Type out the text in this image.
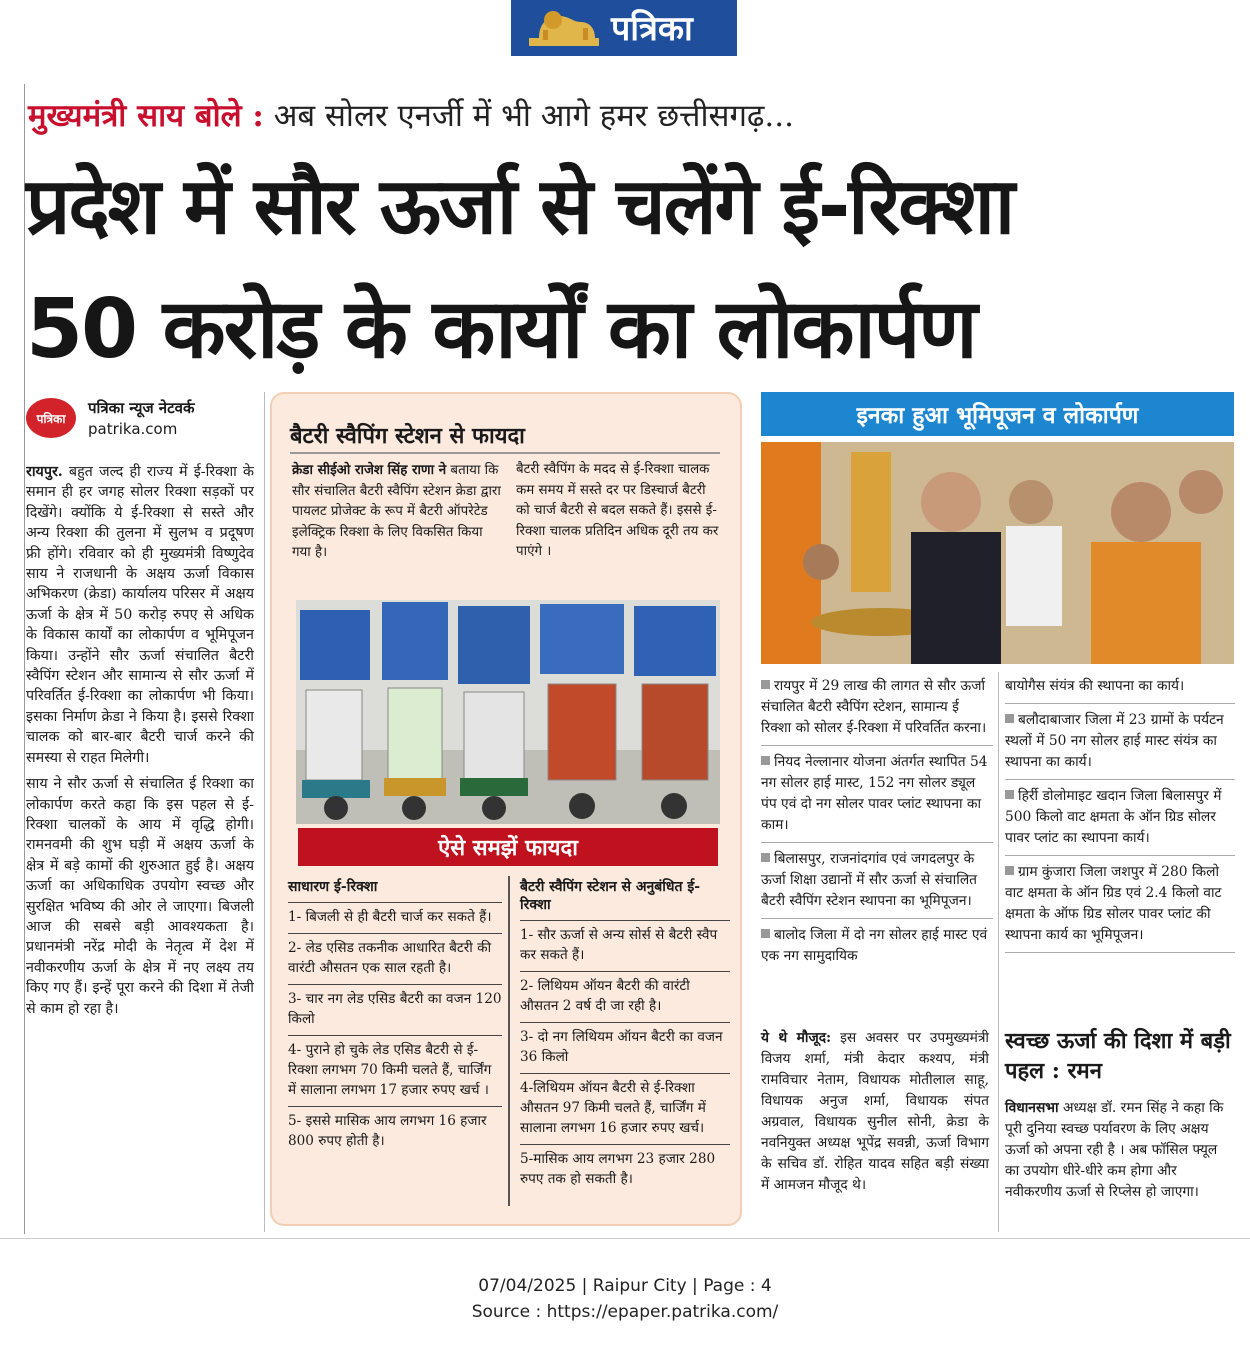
पत्रिका
मुख्यमंत्री साय बोले : अब सोलर एनर्जी में भी आगे हमर छत्तीसगढ़...
प्रदेश में सौर ऊर्जा से चलेंगे ई-रिक्शा
50 करोड़ के कार्यों का लोकार्पण
पत्रिका
पत्रिका न्यूज नेटवर्क
patrika.com

रायपुर. बहुत जल्द ही राज्य में ई-रिक्शा के समान ही हर जगह सोलर रिक्शा सड़कों पर दिखेंगे। क्योंकि ये ई-रिक्शा से सस्ते और अन्य रिक्शा की तुलना में सुलभ व प्रदूषण फ्री होंगे। रविवार को ही मुख्यमंत्री विष्णुदेव साय ने राजधानी के अक्षय ऊर्जा विकास अभिकरण (क्रेडा) कार्यालय परिसर में अक्षय ऊर्जा के क्षेत्र में 50 करोड़ रुपए से अधिक के विकास कार्यों का लोकार्पण व भूमिपूजन किया। उन्होंने सौर ऊर्जा संचालित बैटरी स्वैपिंग स्टेशन और सामान्य से सौर ऊर्जा में परिवर्तित ई-रिक्शा का लोकार्पण भी किया। इसका निर्माण क्रेडा ने किया है। इससे रिक्शा चालक को बार-बार बैटरी चार्ज करने की समस्या से राहत मिलेगी।

साय ने सौर ऊर्जा से संचालित ई रिक्शा का लोकार्पण करते कहा कि इस पहल से ई-रिक्शा चालकों के आय में वृद्धि होगी। रामनवमी की शुभ घड़ी में अक्षय ऊर्जा के क्षेत्र में बड़े कामों की शुरुआत हुई है। अक्षय ऊर्जा का अधिकाधिक उपयोग स्वच्छ और सुरक्षित भविष्य की ओर ले जाएगा। बिजली आज की सबसे बड़ी आवश्यकता है। प्रधानमंत्री नरेंद्र मोदी के नेतृत्व में देश में नवीकरणीय ऊर्जा के क्षेत्र में नए लक्ष्य तय किए गए हैं। इन्हें पूरा करने की दिशा में तेजी से काम हो रहा है।

बैटरी स्वैपिंग स्टेशन से फायदा
क्रेडा सीईओ राजेश सिंह राणा ने बताया कि सौर संचालित बैटरी स्वैपिंग स्टेशन क्रेडा द्वारा पायलट प्रोजेक्ट के रूप में बैटरी ऑपरेटेड इलेक्ट्रिक रिक्शा के लिए विकसित किया गया है।
बैटरी स्वैपिंग के मदद से ई-रिक्शा चालक कम समय में सस्ते दर पर डिस्चार्ज बैटरी को चार्ज बैटरी से बदल सकते हैं। इससे ई-रिक्शा चालक प्रतिदिन अधिक दूरी तय कर पाएंगे ।
ऐसे समझें फायदा
साधारण ई-रिक्शा
1- बिजली से ही बैटरी चार्ज कर सकते हैं।
2- लेड एसिड तकनीक आधारित बैटरी की वारंटी औसतन एक साल रहती है।
3- चार नग लेड एसिड बैटरी का वजन 120 किलो
4- पुराने हो चुके लेड एसिड बैटरी से ई-रिक्शा लगभग 70 किमी चलते हैं, चार्जिंग में सालाना लगभग 17 हजार रुपए खर्च ।
5- इससे मासिक आय लगभग 16 हजार 800 रुपए होती है।
बैटरी स्वैपिंग स्टेशन से अनुबंधित ई-रिक्शा
1- सौर ऊर्जा से अन्य सोर्स से बैटरी स्वैप कर सकते हैं।
2- लिथियम ऑयन बैटरी की वारंटी औसतन 2 वर्ष दी जा रही है।
3- दो नग लिथियम ऑयन बैटरी का वजन 36 किलो
4-लिथियम ऑयन बैटरी से ई-रिक्शा औसतन 97 किमी चलते हैं, चार्जिंग में सालाना लगभग 16 हजार रुपए खर्च।
5-मासिक आय लगभग 23 हजार 280 रुपए तक हो सकती है।
इनका हुआ भूमिपूजन व लोकार्पण
रायपुर में 29 लाख की लागत से सौर ऊर्जा संचालित बैटरी स्वैपिंग स्टेशन, सामान्य ई रिक्शा को सोलर ई-रिक्शा में परिवर्तित करना।
नियद नेल्लानार योजना अंतर्गत स्थापित 54 नग सोलर हाई मास्ट, 152 नग सोलर ड्यूल पंप एवं दो नग सोलर पावर प्लांट स्थापना का काम।
बिलासपुर, राजनांदगांव एवं जगदलपुर के ऊर्जा शिक्षा उद्यानों में सौर ऊर्जा से संचालित बैटरी स्वैपिंग स्टेशन स्थापना का भूमिपूजन।
बालोद जिला में दो नग सोलर हाई मास्ट एवं एक नग सामुदायिक
बायोगैस संयंत्र की स्थापना का कार्य।
बलौदाबाजार जिला में 23 ग्रामों के पर्यटन स्थलों में 50 नग सोलर हाई मास्ट संयंत्र का स्थापना का कार्य।
हिर्री डोलोमाइट खदान जिला बिलासपुर में 500 किलो वाट क्षमता के ऑन ग्रिड सोलर पावर प्लांट का स्थापना कार्य।
ग्राम कुंजारा जिला जशपुर में 280 किलो वाट क्षमता के ऑन ग्रिड एवं 2.4 किलो वाट क्षमता के ऑफ ग्रिड सोलर पावर प्लांट की स्थापना कार्य का भूमिपूजन।
ये थे मौजूद: इस अवसर पर उपमुख्यमंत्री विजय शर्मा, मंत्री केदार कश्यप, मंत्री रामविचार नेताम, विधायक मोतीलाल साहू, विधायक अनुज शर्मा, विधायक संपत अग्रवाल, विधायक सुनील सोनी, क्रेडा के नवनियुक्त अध्यक्ष भूपेंद्र सवन्नी, ऊर्जा विभाग के सचिव डॉ. रोहित यादव सहित बड़ी संख्या में आमजन मौजूद थे।
स्वच्छ ऊर्जा की दिशा में बड़ी पहल : रमन
विधानसभा अध्यक्ष डॉ. रमन सिंह ने कहा कि पूरी दुनिया स्वच्छ पर्यावरण के लिए अक्षय ऊर्जा को अपना रही है । अब फॉसिल फ्यूल का उपयोग धीरे-धीरे कम होगा और नवीकरणीय ऊर्जा से रिप्लेस हो जाएगा।
07/04/2025 | Raipur City | Page : 4
Source : https://epaper.patrika.com/
